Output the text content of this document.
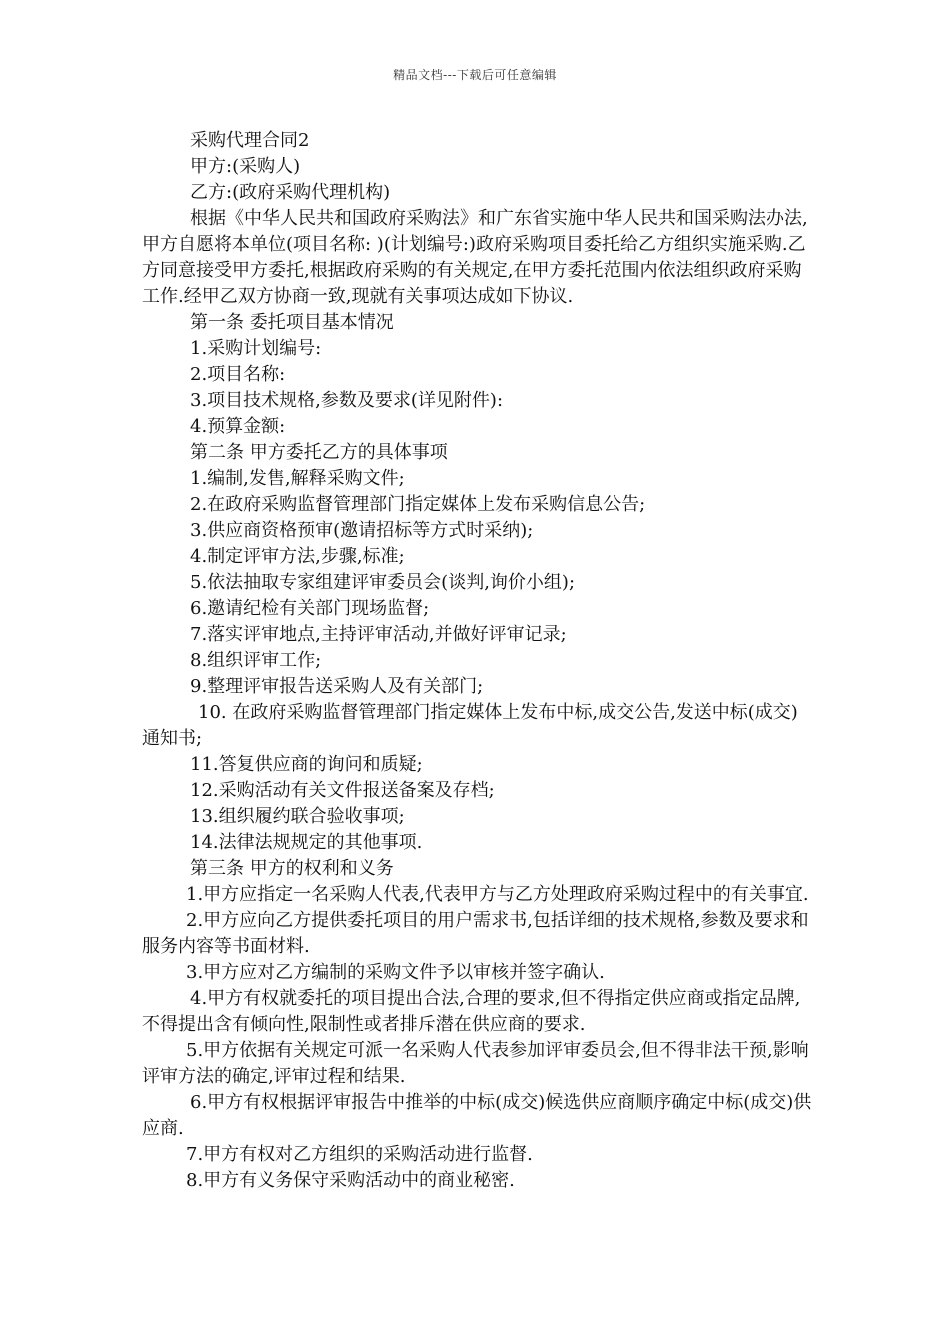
精品文档---下载后可任意编辑

采购代理合同2

甲方:(采购人)

乙方:(政府采购代理机构)

根据《中华人民共和国政府采购法》和广东省实施中华人民共和国采购法办法,甲方自愿将本单位(项目名称: )(计划编号:)政府采购项目委托给乙方组织实施采购.乙方同意接受甲方委托,根据政府采购的有关规定,在甲方委托范围内依法组织政府采购工作.经甲乙双方协商一致,现就有关事项达成如下协议.

第一条 委托项目基本情况

1.采购计划编号:

2.项目名称:

3.项目技术规格,参数及要求(详见附件):

4.预算金额:

第二条 甲方委托乙方的具体事项

1.编制,发售,解释采购文件;

2.在政府采购监督管理部门指定媒体上发布采购信息公告;

3.供应商资格预审(邀请招标等方式时采纳);

4.制定评审方法,步骤,标准;

5.依法抽取专家组建评审委员会(谈判,询价小组);

6.邀请纪检有关部门现场监督;

7.落实评审地点,主持评审活动,并做好评审记录;

8.组织评审工作;

9.整理评审报告送采购人及有关部门;

10. 在政府采购监督管理部门指定媒体上发布中标,成交公告,发送中标(成交)通知书;

11.答复供应商的询问和质疑;

12.采购活动有关文件报送备案及存档;

13.组织履约联合验收事项;

14.法律法规规定的其他事项.

第三条 甲方的权利和义务

1.甲方应指定一名采购人代表,代表甲方与乙方处理政府采购过程中的有关事宜.

2.甲方应向乙方提供委托项目的用户需求书,包括详细的技术规格,参数及要求和服务内容等书面材料.

3.甲方应对乙方编制的采购文件予以审核并签字确认.

4.甲方有权就委托的项目提出合法,合理的要求,但不得指定供应商或指定品牌,不得提出含有倾向性,限制性或者排斥潜在供应商的要求.

5.甲方依据有关规定可派一名采购人代表参加评审委员会,但不得非法干预,影响评审方法的确定,评审过程和结果.

6.甲方有权根据评审报告中推举的中标(成交)候选供应商顺序确定中标(成交)供应商.

7.甲方有权对乙方组织的采购活动进行监督.

8.甲方有义务保守采购活动中的商业秘密.
